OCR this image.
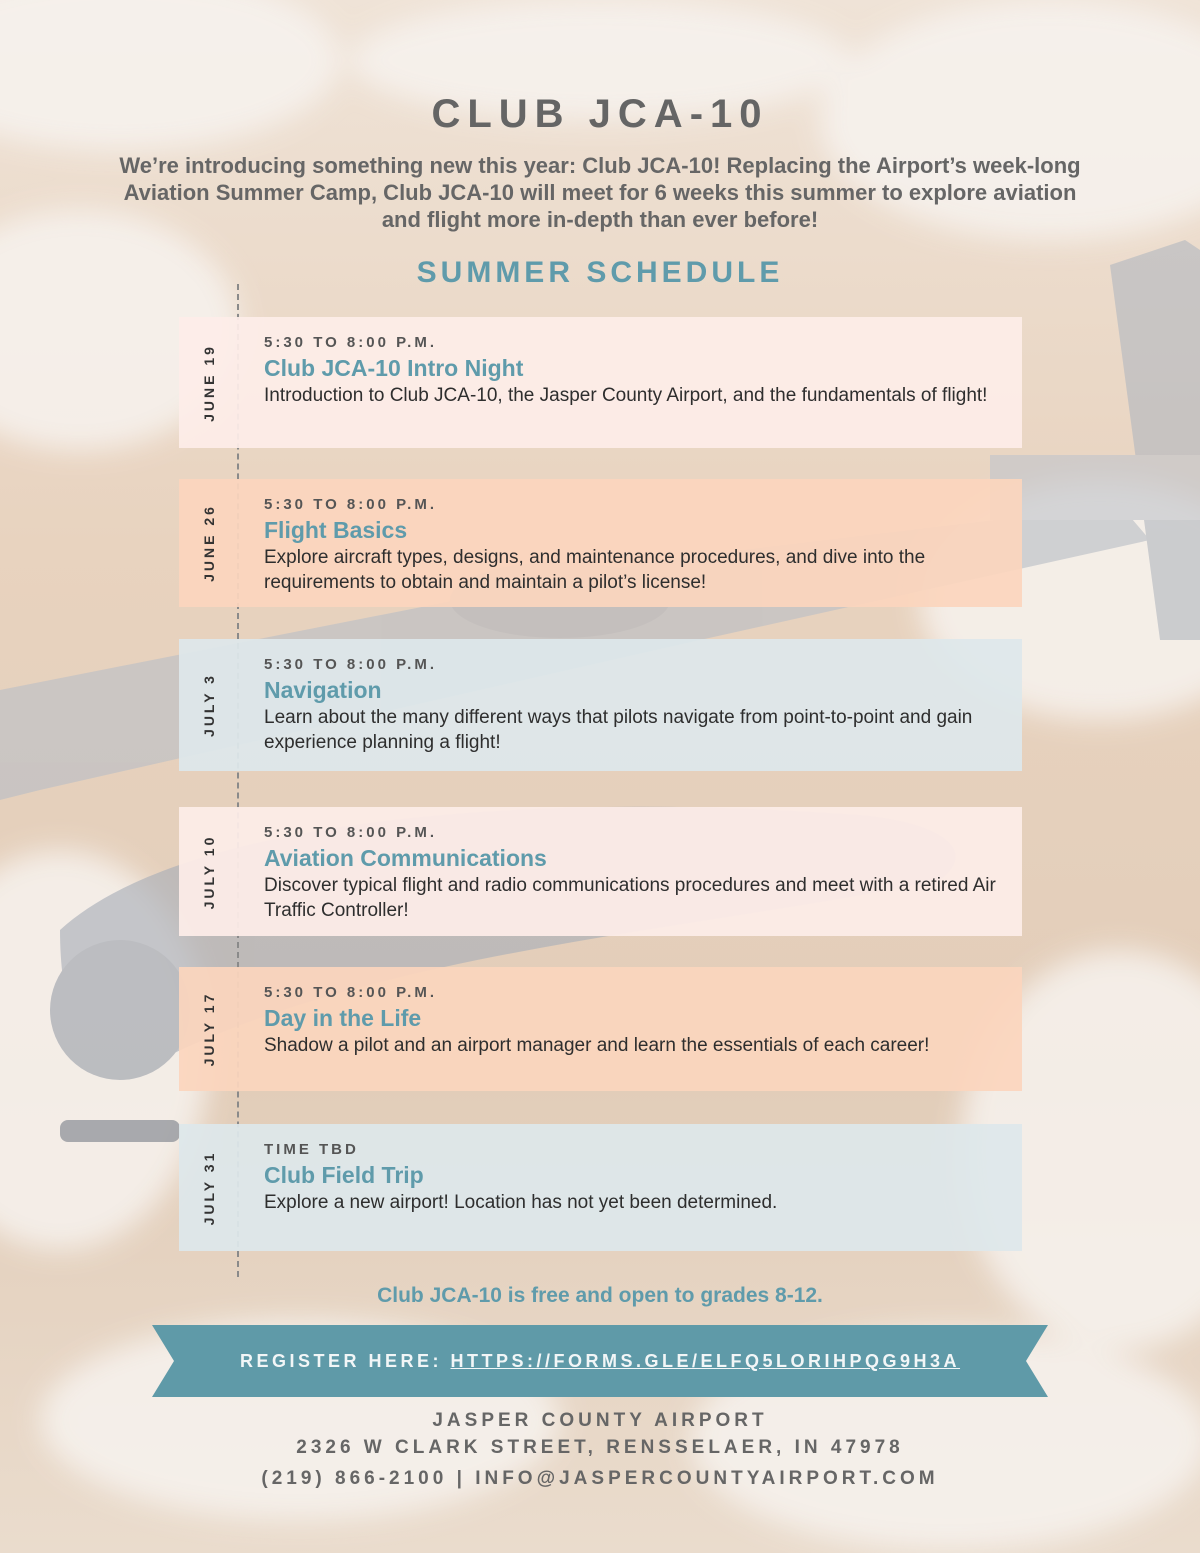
CLUB JCA-10
We’re introducing something new this year: Club JCA-10! Replacing the Airport’s week-long Aviation Summer Camp, Club JCA-10 will meet for 6 weeks this summer to explore aviation and flight more in-depth than ever before!
SUMMER SCHEDULE
JUNE 19
5:30 TO 8:00 P.M.
Club JCA-10 Intro Night
Introduction to Club JCA-10, the Jasper County Airport, and the fundamentals of flight!
JUNE 26	5:30 TO 8:00 P.M.
Flight Basics
Explore aircraft types, designs, and maintenance procedures, and dive into the requirements to obtain and maintain a pilot’s license!
JULY 3
5:30 TO 8:00 P.M.
Navigation
Learn about the many different ways that pilots navigate from point-to-point and gain experience planning a flight!
JULY 10
5:30 TO 8:00 P.M.
Aviation Communications
Discover typical flight and radio communications procedures and meet with a retired Air Traffic Controller!
JULY 17	5:30 TO 8:00 P.M.
Day in the Life
Shadow a pilot and an airport manager and learn the essentials of each career!
JULY 31
TIME TBD
Club Field Trip
Explore a new airport! Location has not yet been determined.
Club JCA-10 is free and open to grades 8-12.
REGISTER HERE: HTTPS://FORMS.GLE/ELFQ5LORIHPQG9H3A
JASPER COUNTY AIRPORT
2326 W CLARK STREET, RENSSELAER, IN 47978
(219) 866-2100 | INFO@JASPERCOUNTYAIRPORT.COM
